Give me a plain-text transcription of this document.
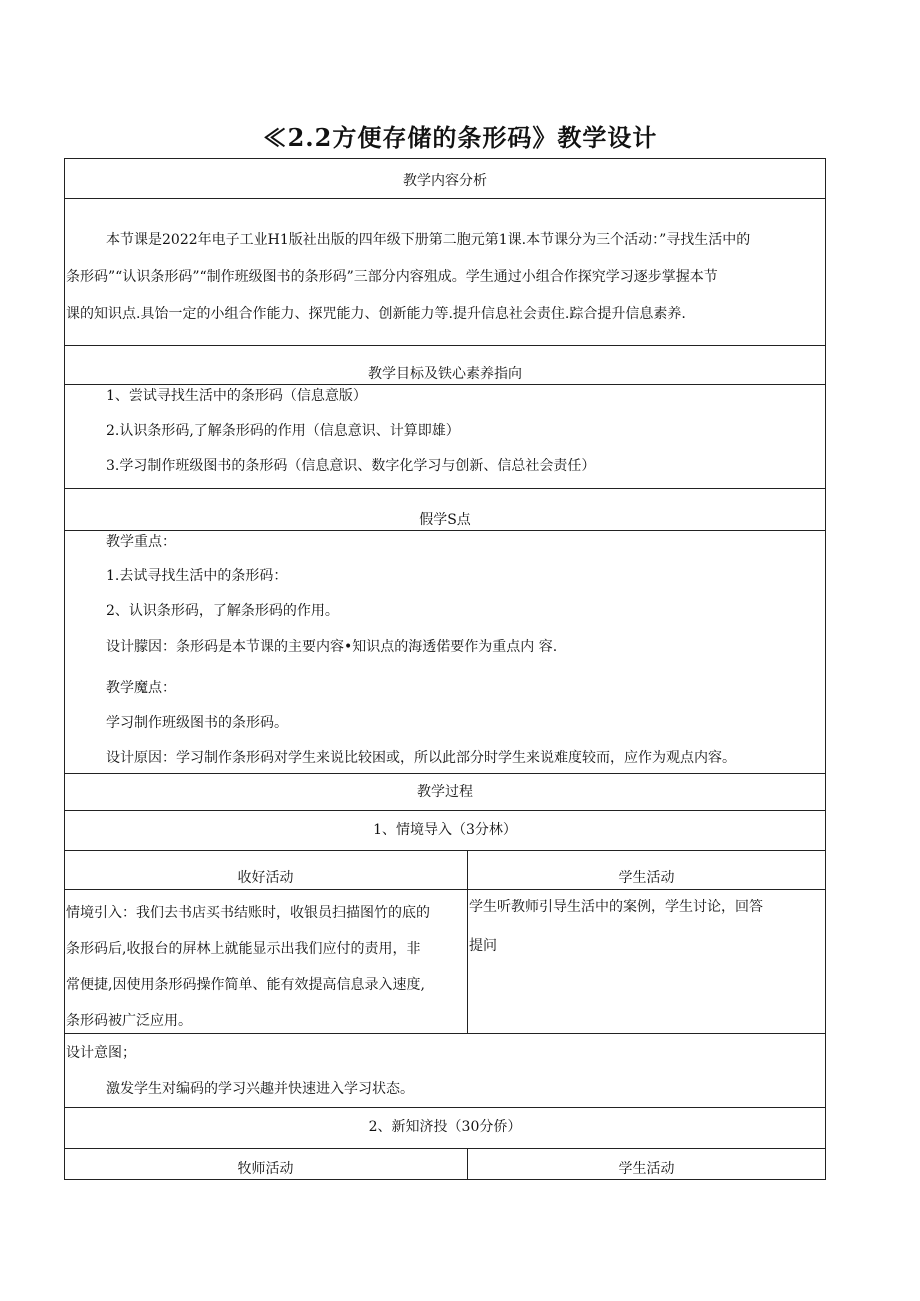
≪2.2方便存储的条形码》教学设计
教学内容分析
本节课是2022年电子工业H1版社出版的四年级下册第二胞元第1课.本节课分为三个活动：”寻找生活中的
条形码”“认识条形码”“制作班级图书的条形码”三部分内容殂成。学生通过小组合作探究学习逐步掌握本节
课的知识点.具饴一定的小组合作能力、探咒能力、创新能力等.提升信息社会责住.踪合提升信息素养.
教学目标及铁心素养指向
1、尝试寻找生活中的条形码（信息意版）
2.认识条形码,了解条形码的作用（信息意识、计算即雄）
3.学习制作班级图书的条形码（信息意识、数字化学习与创新、信总社会责任）
假学S点
教学重点：
1.去试寻找生活中的条形码：
2、认识条形码，了解条形码的作用。
设计朦因：条形码是本节课的主要内容•知识点的海透偌要作为重点内 容.
教学魔点：
学习制作班级图书的条形码。
设计原因：学习制作条形码对学生来说比较困或，所以此部分时学生来说难度较而，应作为观点内容。
教学过程
1、情境导入（3分林）
收好活动	学生活动
情境引入：我们去书店买书结账时，收银员扫描图竹的底的
条形码后,收报台的屏林上就能显示出我们应付的责用，非
常便捷,因使用条形码操作简单、能有效提高信息录入速度,
条形码被广泛应用。
学生听教师引导生活中的案例，学生讨论，回答
提问
设计意图；
激发学生对编码的学习兴趣并快速进入学习状态。
2、新知济投（30分侨）
牧师活动	学生活动
